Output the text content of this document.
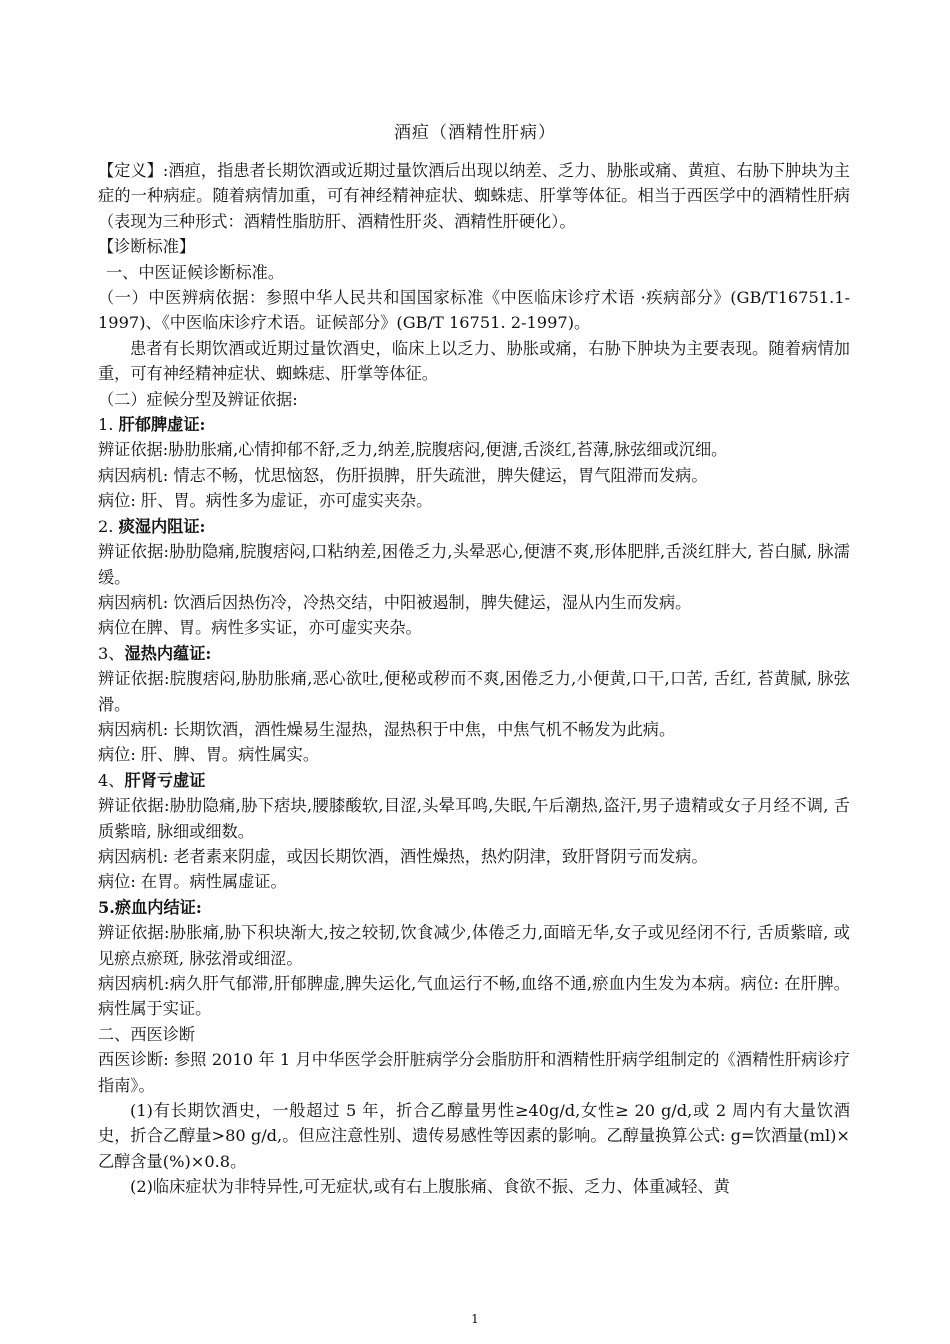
酒疸（酒精性肝病）

【定义】:酒疸，指患者长期饮酒或近期过量饮酒后出现以纳差、乏力、胁胀或痛、黄疸、右胁下肿块为主症的一种病症。随着病情加重，可有神经精神症状、蜘蛛痣、肝掌等体征。相当于西医学中的酒精性肝病（表现为三种形式：酒精性脂肪肝、酒精性肝炎、酒精性肝硬化）。

【诊断标准】

一、中医证候诊断标准。

（一）中医辨病依据：参照中华人民共和国国家标准《中医临床诊疗术语 ·疾病部分》(GB/T16751.1-1997)、《中医临床诊疗术语。证候部分》(GB/T 16751. 2-1997)。

患者有长期饮酒或近期过量饮酒史，临床上以乏力、胁胀或痛，右胁下肿块为主要表现。随着病情加重，可有神经精神症状、蜘蛛痣、肝掌等体征。

（二）症候分型及辨证依据:

1. 肝郁脾虚证:

辨证依据:胁肋胀痛,心情抑郁不舒,乏力,纳差,脘腹痞闷,便溏,舌淡红,苔薄,脉弦细或沉细。

病因病机: 情志不畅，忧思恼怒，伤肝损脾，肝失疏泄，脾失健运，胃气阻滞而发病。

病位: 肝、胃。病性多为虚证，亦可虚实夹杂。

2. 痰湿内阻证:

辨证依据:胁肋隐痛,脘腹痞闷,口粘纳差,困倦乏力,头晕恶心,便溏不爽,形体肥胖,舌淡红胖大, 苔白腻, 脉濡缓。

病因病机: 饮酒后因热伤冷，冷热交结，中阳被遏制，脾失健运，湿从内生而发病。

病位在脾、胃。病性多实证，亦可虚实夹杂。

3、湿热内蕴证:

辨证依据:脘腹痞闷,胁肋胀痛,恶心欲吐,便秘或秽而不爽,困倦乏力,小便黄,口干,口苦, 舌红, 苔黄腻, 脉弦滑。

病因病机: 长期饮酒，酒性燥易生湿热，湿热积于中焦，中焦气机不畅发为此病。

病位: 肝、脾、胃。病性属实。

4、肝肾亏虚证

辨证依据:胁肋隐痛,胁下痞块,腰膝酸软,目涩,头晕耳鸣,失眠,午后潮热,盗汗,男子遗精或女子月经不调, 舌质紫暗, 脉细或细数。

病因病机: 老者素来阴虚，或因长期饮酒，酒性燥热，热灼阴津，致肝肾阴亏而发病。

病位: 在胃。病性属虚证。

5.瘀血内结证:

辨证依据:胁胀痛,胁下积块渐大,按之较韧,饮食减少,体倦乏力,面暗无华,女子或见经闭不行, 舌质紫暗, 或见瘀点瘀斑, 脉弦滑或细涩。

病因病机:病久肝气郁滞,肝郁脾虚,脾失运化,气血运行不畅,血络不通,瘀血内生发为本病。病位: 在肝脾。病性属于实证。

二、西医诊断

西医诊断: 参照 2010 年 1 月中华医学会肝脏病学分会脂肪肝和酒精性肝病学组制定的《酒精性肝病诊疗指南》。

(1)有长期饮酒史，一般超过 5 年，折合乙醇量男性≥40g/d,女性≥ 20 g/d,或 2 周内有大量饮酒史，折合乙醇量>80 g/d,。但应注意性别、遗传易感性等因素的影响。乙醇量换算公式: g=饮酒量(ml)×乙醇含量(%)×0.8。

(2)临床症状为非特异性,可无症状,或有右上腹胀痛、食欲不振、乏力、体重减轻、黄

1
